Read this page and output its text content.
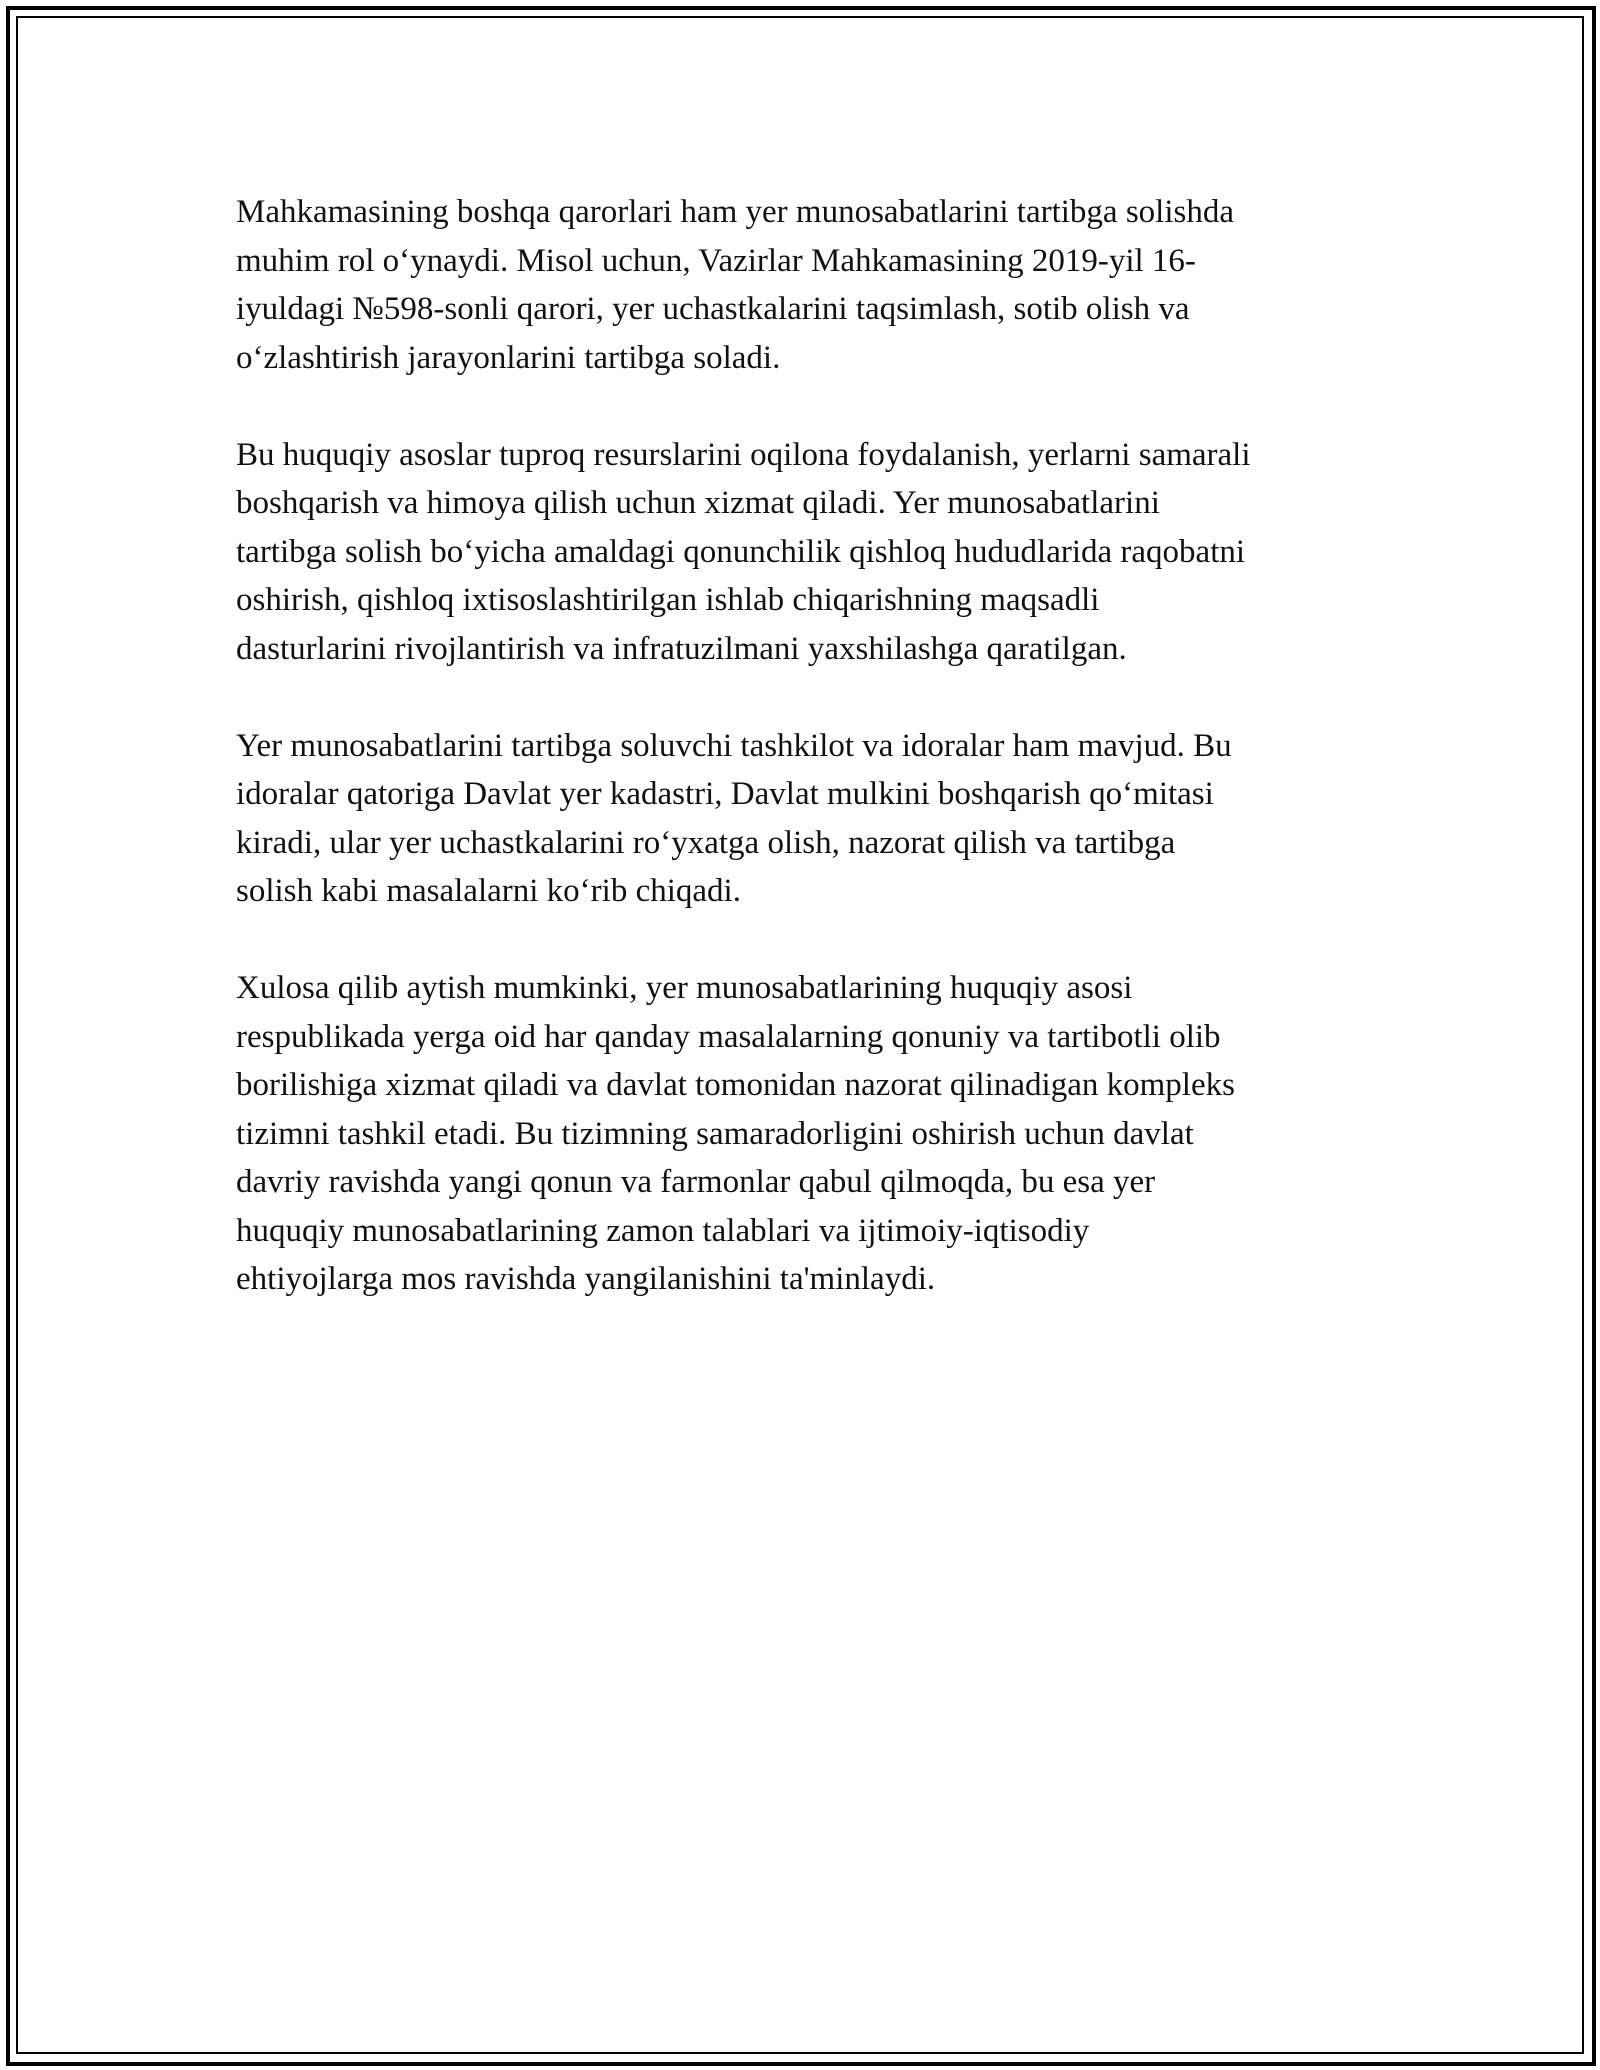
Mahkamasining boshqa qarorlari ham yer munosabatlarini tartibga solishda
muhim rol o‘ynaydi. Misol uchun, Vazirlar Mahkamasining 2019-yil 16-
iyuldagi №598-sonli qarori, yer uchastkalarini taqsimlash, sotib olish va
o‘zlashtirish jarayonlarini tartibga soladi.

Bu huquqiy asoslar tuproq resurslarini oqilona foydalanish, yerlarni samarali
boshqarish va himoya qilish uchun xizmat qiladi. Yer munosabatlarini
tartibga solish bo‘yicha amaldagi qonunchilik qishloq hududlarida raqobatni
oshirish, qishloq ixtisoslashtirilgan ishlab chiqarishning maqsadli
dasturlarini rivojlantirish va infratuzilmani yaxshilashga qaratilgan.

Yer munosabatlarini tartibga soluvchi tashkilot va idoralar ham mavjud. Bu
idoralar qatoriga Davlat yer kadastri, Davlat mulkini boshqarish qo‘mitasi
kiradi, ular yer uchastkalarini ro‘yxatga olish, nazorat qilish va tartibga
solish kabi masalalarni ko‘rib chiqadi.

Xulosa qilib aytish mumkinki, yer munosabatlarining huquqiy asosi
respublikada yerga oid har qanday masalalarning qonuniy va tartibotli olib
borilishiga xizmat qiladi va davlat tomonidan nazorat qilinadigan kompleks
tizimni tashkil etadi. Bu tizimning samaradorligini oshirish uchun davlat
davriy ravishda yangi qonun va farmonlar qabul qilmoqda, bu esa yer
huquqiy munosabatlarining zamon talablari va ijtimoiy-iqtisodiy
ehtiyojlarga mos ravishda yangilanishini ta'minlaydi.
